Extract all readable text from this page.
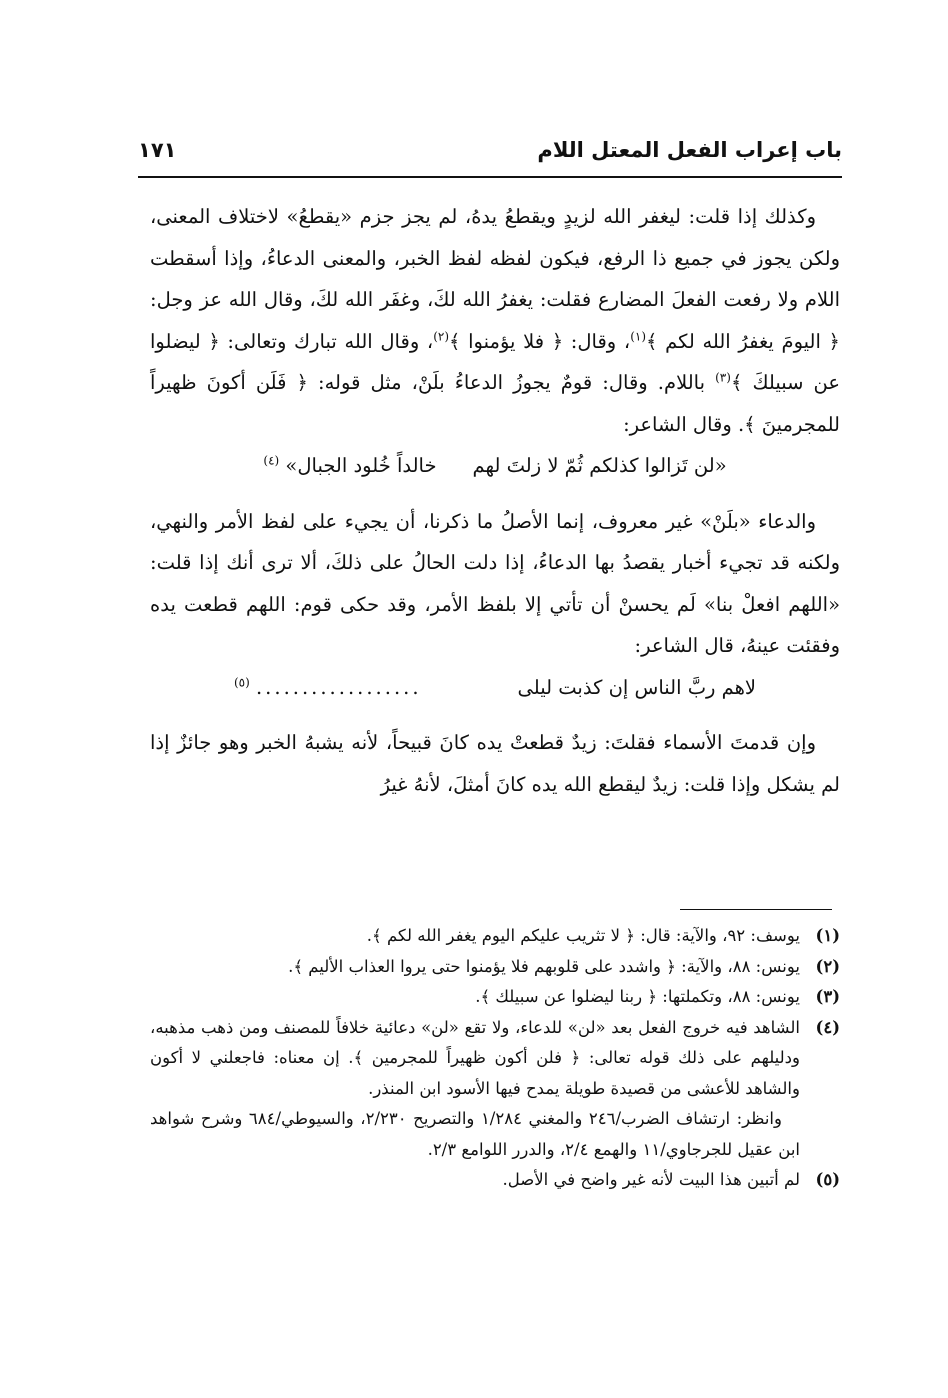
باب إعراب الفعل المعتل اللام
١٧١

وكذلك إذا قلت: ليغفر الله لزيدٍ ويقطعُ يدهُ، لم يجز جزم «يقطعُ» لاختلاف المعنى، ولكن يجوز في جميع ذا الرفع، فيكون لفظه لفظ الخبر، والمعنى الدعاءُ، وإذا أسقطت اللام ولا رفعت الفعلَ المضارع فقلت: يغفرُ الله لكَ، وغفَر الله لكَ، وقال الله عز وجل: ﴿ اليومَ يغفرُ الله لكم ﴾$^{(١)}$، وقال: ﴿ فلا يؤمنوا ﴾$^{(٢)}$، وقال الله تبارك وتعالى: ﴿ ليضلوا عن سبيلكَ ﴾$^{(٣)}$ باللام. وقال: قومٌ يجوزُ الدعاءُ بلَنْ، مثل قوله: ﴿ فَلَن أكونَ ظهيراً للمجرمينَ ﴾. وقال الشاعر:

«لن تَزالوا كذلكم ثُمّ لا زلتَ لهمخالداً خُلود الجبال» $^{(٤)}$

والدعاء «بلَنْ» غير معروف، إنما الأصلُ ما ذكرنا، أن يجيء على لفظ الأمر والنهي، ولكنه قد تجيء أخبار يقصدُ بها الدعاءُ، إذا دلت الحالُ على ذلكَ، ألا ترى أنك إذا قلت: «اللهم افعلْ بنا» لَم يحسنْ أن تأتي إلا بلفظ الأمر، وقد حكى قوم: اللهم قطعت يده وفقئت عينهُ، قال الشاعر:

لاهم ربَّ الناس إن كذبت ليلى.................. $^{(٥)}$

وإن قدمتَ الأسماء فقلتَ: زيدٌ قطعتْ يده كانَ قبيحاً، لأنه يشبهُ الخبر وهو جائزٌ إذا لم يشكل وإذا قلت: زيدٌ ليقطع الله يده كانَ أمثلَ، لأنهُ غيرُ

(١)

يوسف: ٩٢، والآية: قال: ﴿ لا تثريب عليكم اليوم يغفر الله لكم ﴾.

(٢)

يونس: ٨٨، والآية: ﴿ واشدد على قلوبهم فلا يؤمنوا حتى يروا العذاب الأليم ﴾.

(٣)

يونس: ٨٨، وتكملتها: ﴿ ربنا ليضلوا عن سبيلك ﴾.

(٤)

الشاهد فيه خروج الفعل بعد «لن» للدعاء، ولا تقع «لن» دعائية خلافاً للمصنف ومن ذهب مذهبه، ودليلهم على ذلك قوله تعالى: ﴿ فلن أكون ظهيراً للمجرمين ﴾. إن معناه: فاجعلني لا أكون والشاهد للأعشى من قصيدة طويلة يمدح فيها الأسود ابن المنذر.

وانظر: ارتشاف الضرب/٢٤٦ والمغني ١/٢٨٤ والتصريح ٢/٢٣٠، والسيوطي/٦٨٤ وشرح شواهد ابن عقيل للجرجاوي/١١ والهمع ٢/٤، والدرر اللوامع ٢/٣.

(٥)

لم أتبين هذا البيت لأنه غير واضح في الأصل.
